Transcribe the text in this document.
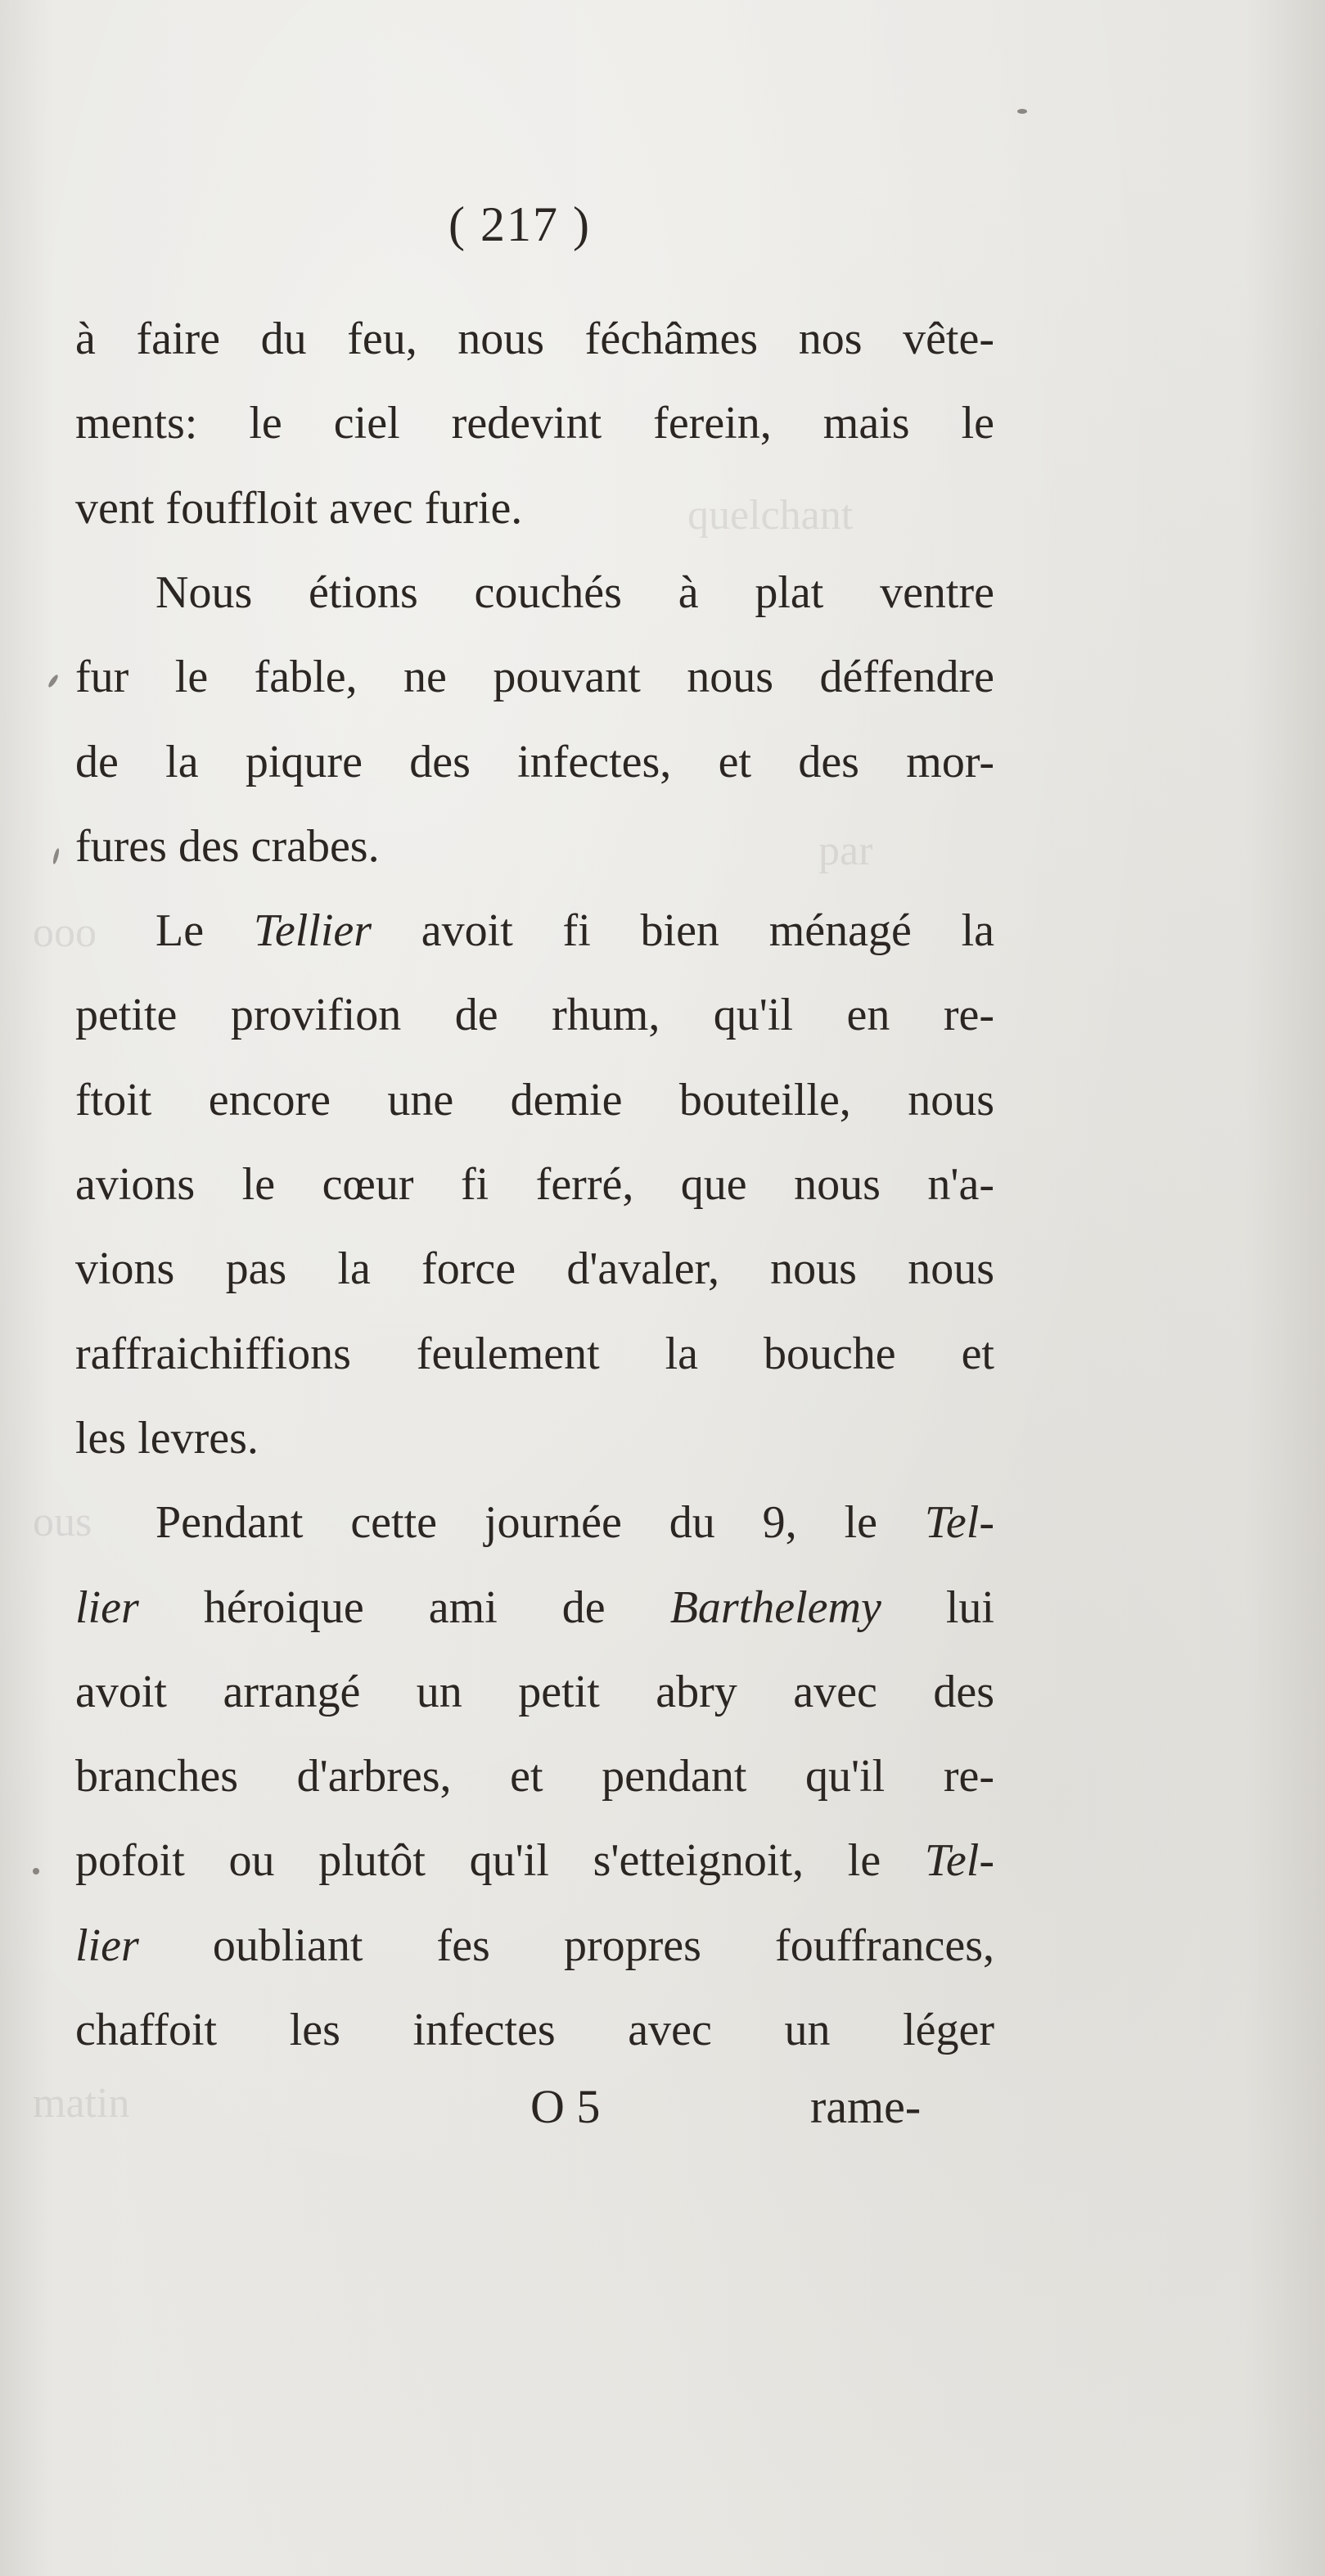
quelchant
par
ooo
ous
matin
( 217 )
à faire du feu, nous féchâmes nos vête-
ments: le ciel redevint ferein, mais le
vent fouffloit avec furie.
Nous étions couchés à plat ventre
fur le fable, ne pouvant nous déffendre
de la piqure des infectes, et des mor-
fures des crabes.
Le Tellier avoit fi bien ménagé la
petite provifion de rhum, qu'il en re-
ftoit encore une demie bouteille, nous
avions le cœur fi ferré, que nous n'a-
vions pas la force d'avaler, nous nous
raffraichiffions feulement la bouche et
les levres.
Pendant cette journée du 9, le Tel-
lier héroique ami de Barthelemy lui
avoit arrangé un petit abry avec des
branches d'arbres, et pendant qu'il re-
pofoit ou plutôt qu'il s'etteignoit, le Tel-
lier oubliant fes propres fouffrances,
chaffoit les infectes avec un léger
O 5	rame-
